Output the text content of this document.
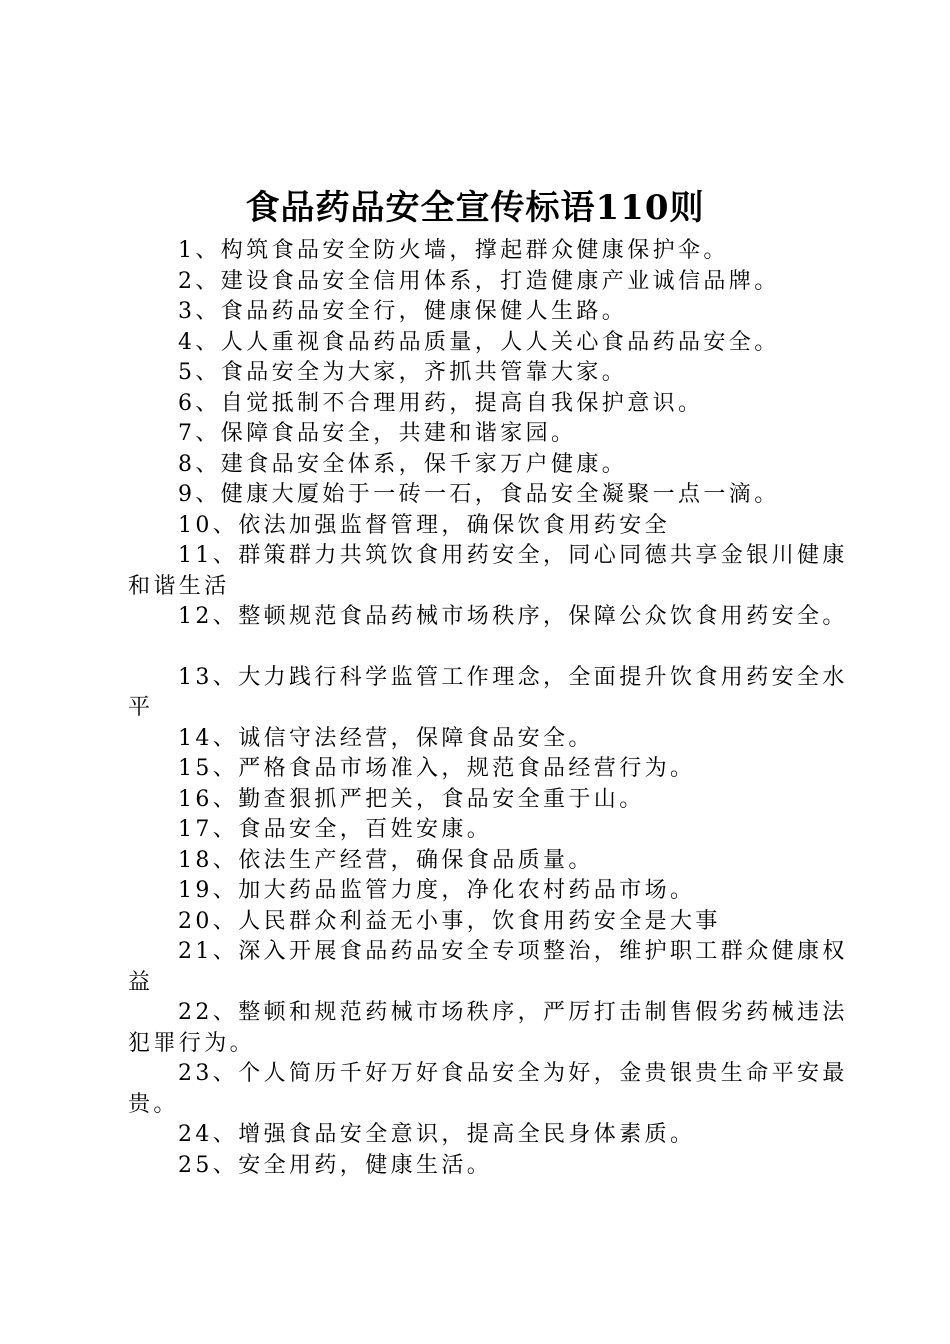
食品药品安全宣传标语110则

1、构筑食品安全防火墙，撑起群众健康保护伞。

2、建设食品安全信用体系，打造健康产业诚信品牌。

3、食品药品安全行，健康保健人生路。

4、人人重视食品药品质量，人人关心食品药品安全。

5、食品安全为大家，齐抓共管靠大家。

6、自觉抵制不合理用药，提高自我保护意识。

7、保障食品安全，共建和谐家园。

8、建食品安全体系，保千家万户健康。

9、健康大厦始于一砖一石，食品安全凝聚一点一滴。

10、依法加强监督管理，确保饮食用药安全

11、群策群力共筑饮食用药安全，同心同德共享金银川健康和谐生活

12、整顿规范食品药械市场秩序，保障公众饮食用药安全。

13、大力践行科学监管工作理念，全面提升饮食用药安全水平

14、诚信守法经营，保障食品安全。

15、严格食品市场准入，规范食品经营行为。

16、勤查狠抓严把关，食品安全重于山。

17、食品安全，百姓安康。

18、依法生产经营，确保食品质量。

19、加大药品监管力度，净化农村药品市场。

20、人民群众利益无小事，饮食用药安全是大事

21、深入开展食品药品安全专项整治，维护职工群众健康权益

22、整顿和规范药械市场秩序，严厉打击制售假劣药械违法犯罪行为。

23、个人简历千好万好食品安全为好，金贵银贵生命平安最贵。

24、增强食品安全意识，提高全民身体素质。

25、安全用药，健康生活。
